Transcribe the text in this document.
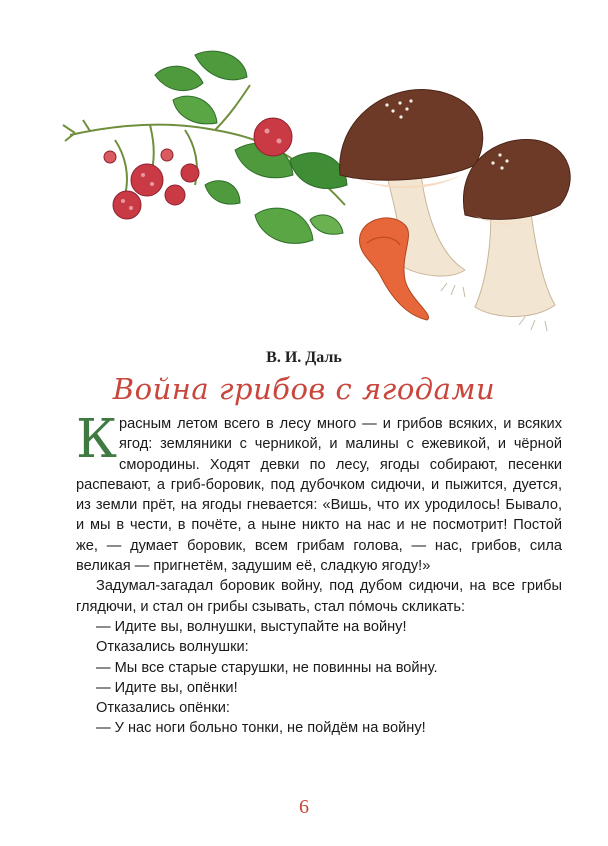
В. И. Даль
Война грибов с ягодами

Красным летом всего в лесу много — и грибов всяких, и всяких ягод: земляники с черникой, и малины с ежевикой, и чёрной смородины. Ходят девки по лесу, ягоды собирают, песенки распевают, а гриб-боровик, под дубочком сидючи, и пыжится, дуется, из земли прёт, на ягоды гневается: «Вишь, что их уродилось! Бывало, и мы в чести, в почёте, а ныне никто на нас и не посмотрит! Постой же, — думает боровик, всем грибам голова, — нас, грибов, сила великая — пригнетём, задушим её, сладкую ягоду!»

Задумал-загадал боровик войну, под дубом сидючи, на все грибы глядючи, и стал он грибы сзывать, стал по́мочь скликать:

— Идите вы, волнушки, выступайте на войну!

Отказались волнушки:

— Мы все старые старушки, не повинны на войну.

— Идите вы, опёнки!

Отказались опёнки:

— У нас ноги больно тонки, не пойдём на войну!

6
